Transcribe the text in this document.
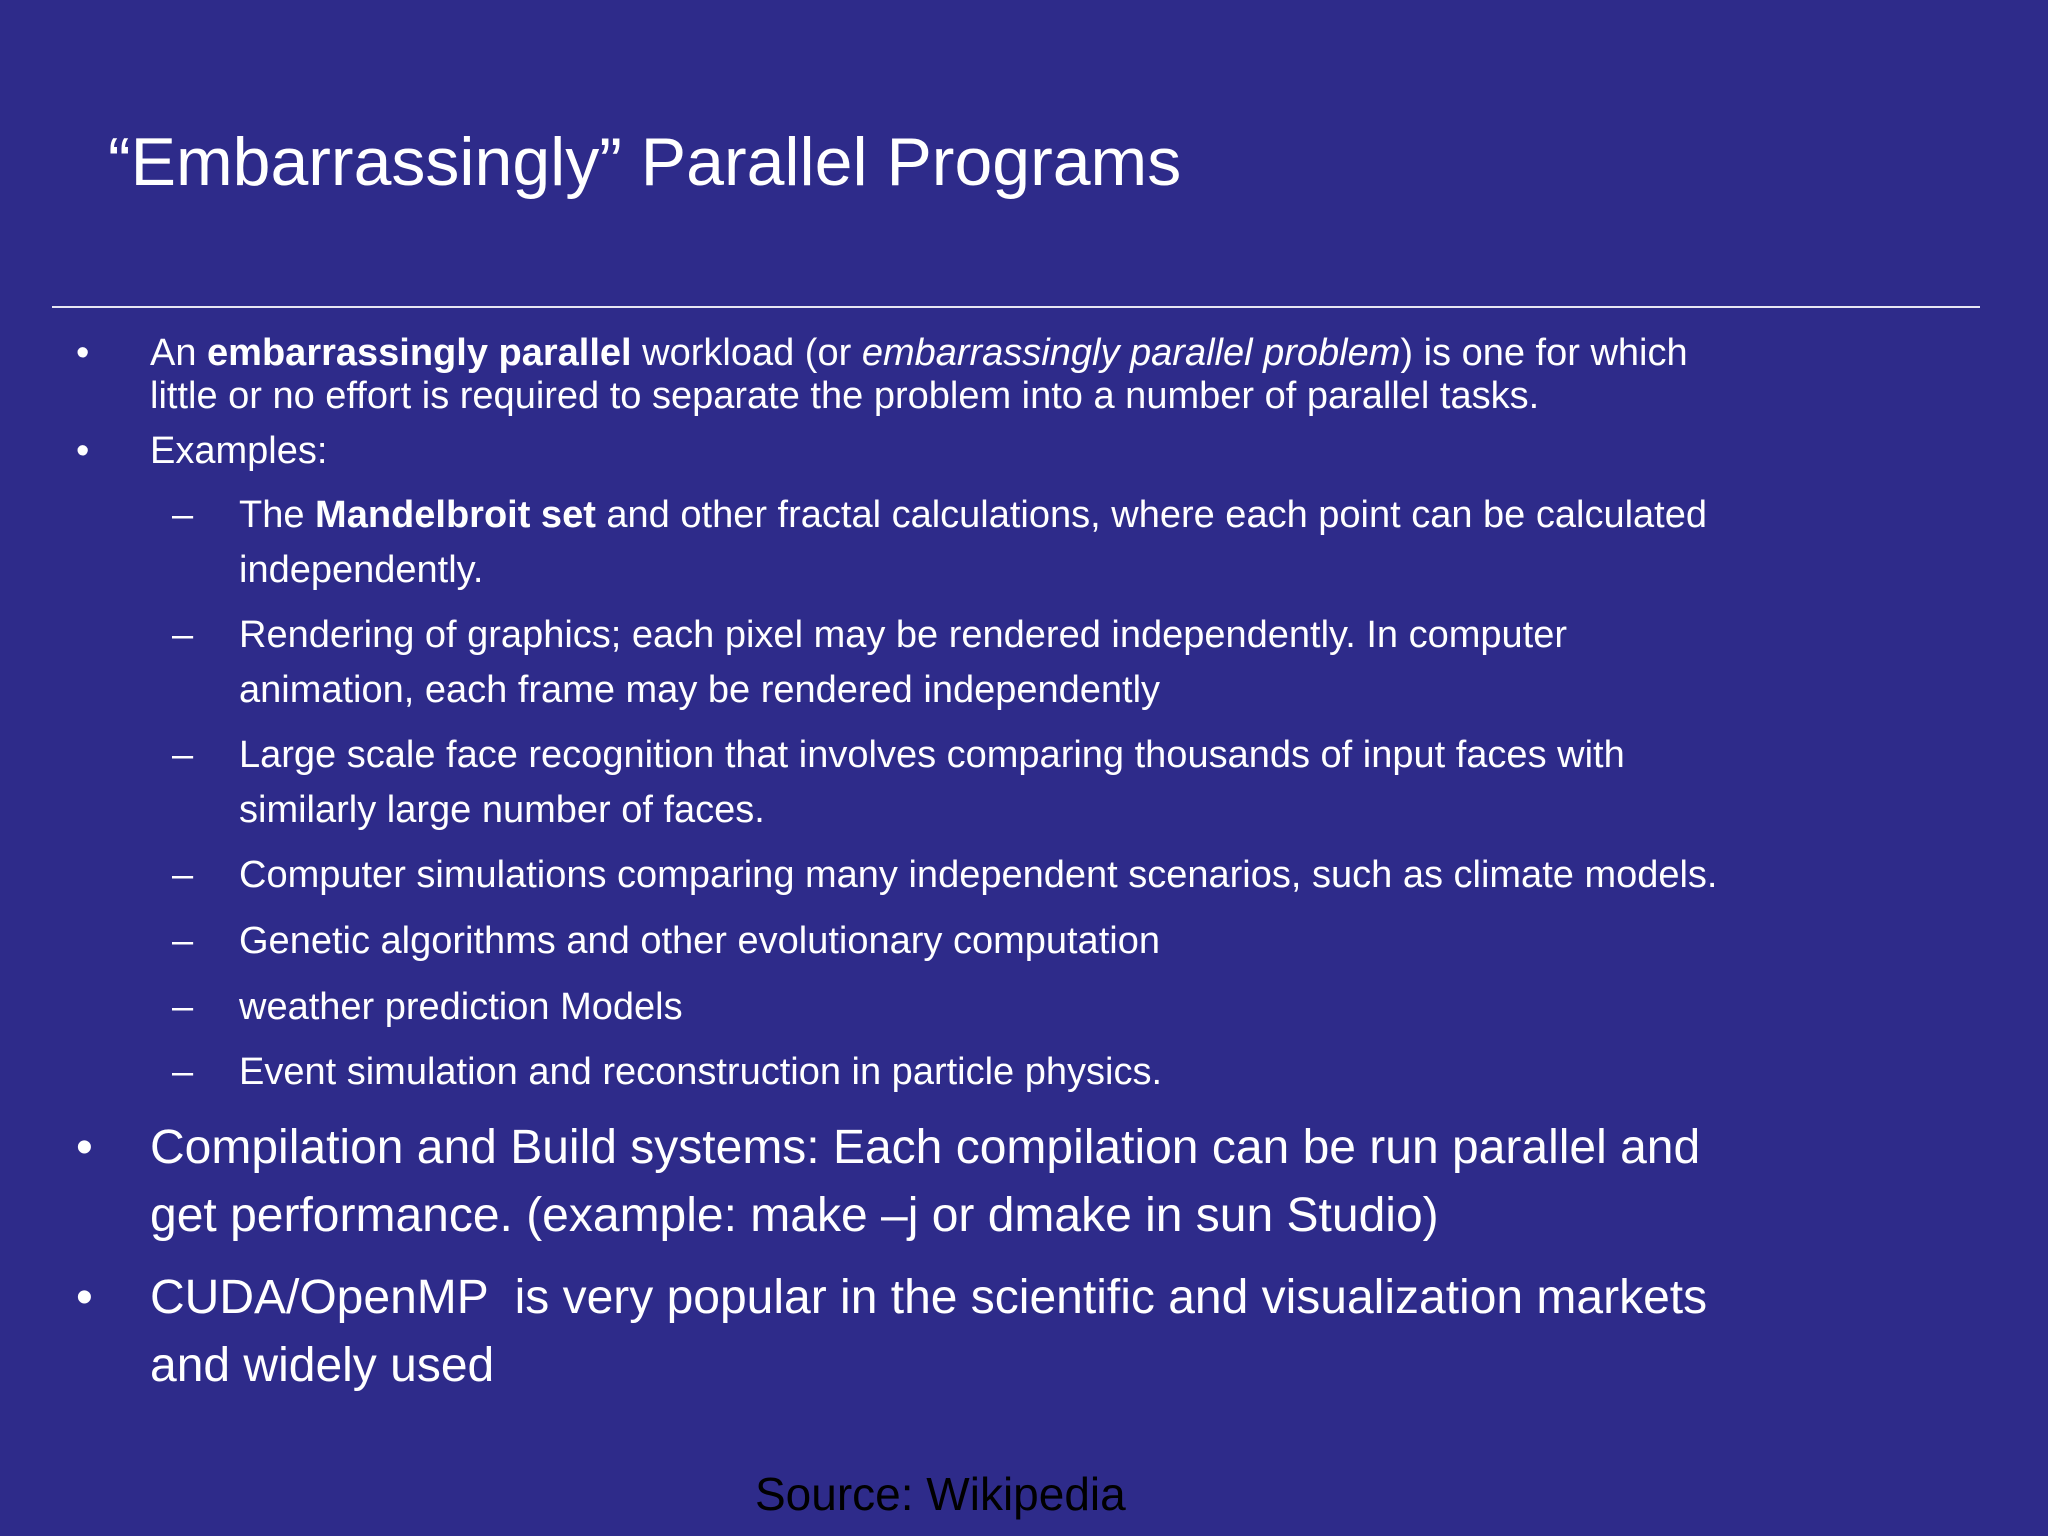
“Embarrassingly” Parallel Programs
• An embarrassingly parallel workload (or embarrassingly parallel problem) is one for which
little or no effort is required to separate the problem into a number of parallel tasks.
• Examples:
– The Mandelbroit set and other fractal calculations, where each point can be calculated
independently.
– Rendering of graphics; each pixel may be rendered independently. In computer
animation, each frame may be rendered independently
– Large scale face recognition that involves comparing thousands of input faces with
similarly large number of faces.
– Computer simulations comparing many independent scenarios, such as climate models.
– Genetic algorithms and other evolutionary computation
– weather prediction Models
– Event simulation and reconstruction in particle physics.
• Compilation and Build systems: Each compilation can be run parallel and
get performance. (example: make –j or dmake in sun Studio)
• CUDA/OpenMP  is very popular in the scientific and visualization markets
and widely used
Source: Wikipedia
